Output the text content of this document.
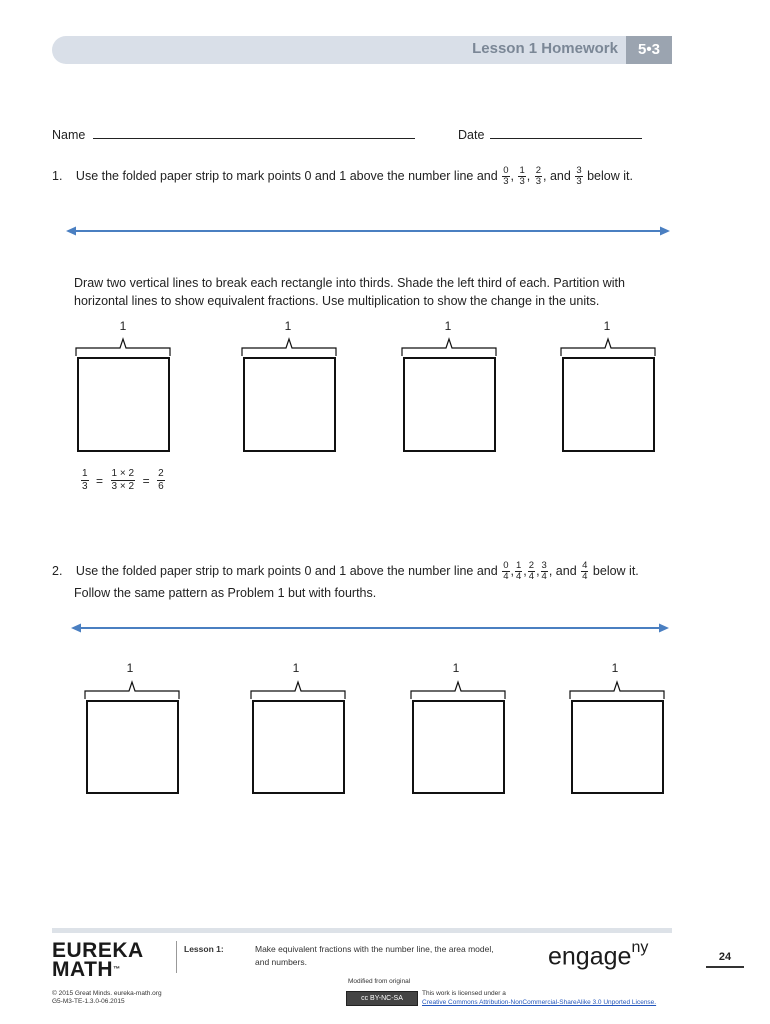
Lesson 1 Homework	5•3
Name	Date
1. Use the folded paper strip to mark points 0 and 1 above the number line and $\frac{0}{3}$ , $\frac{1}{3}$ , $\frac{2}{3}$ , and $\frac{3}{3}$ below it.
Draw two vertical lines to break each rectangle into thirds. Shade the left third of each. Partition with
horizontal lines to show equivalent fractions. Use multiplication to show the change in the units.
1	1	1	1
$\frac{1}{3} = \frac{1 \times 2}{3 \times 2} = \frac{2}{6}$
2. Use the folded paper strip to mark points 0 and 1 above the number line and $\frac{0}{4}$ , $\frac{1}{4}$ , $\frac{2}{4}$ , $\frac{3}{4}$ , and $\frac{4}{4}$ below it.
Follow the same pattern as Problem 1 but with fourths.
1	1	1	1
EUREKA
MATH™
Lesson 1:	Make equivalent fractions with the number line, the area model,
and numbers.	engage$^{ny}$
24
Modified from original
© 2015 Great Minds. eureka-math.org
G5-M3-TE-1.3.0-06.2015	cc BY-NC-SA
This work is licensed under a
Creative Commons Attribution-NonCommercial-ShareAlike 3.0 Unported License.
